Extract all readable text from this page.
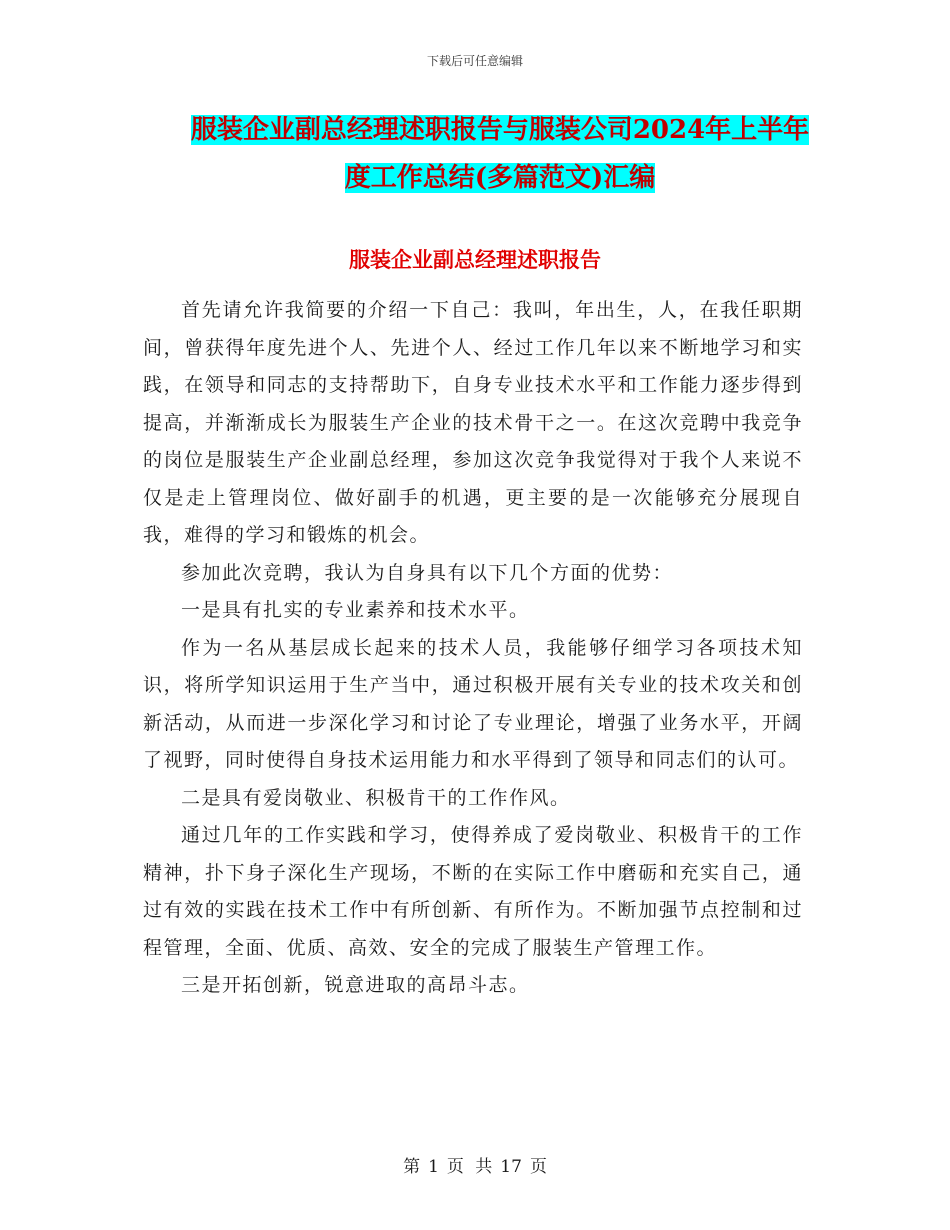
下载后可任意编辑
服装企业副总经理述职报告与服装公司2024年上半年
度工作总结(多篇范文)汇编
服装企业副总经理述职报告

首先请允许我简要的介绍一下自己：我叫，年出生，人，在我任职期间，曾获得年度先进个人、先进个人、经过工作几年以来不断地学习和实践，在领导和同志的支持帮助下，自身专业技术水平和工作能力逐步得到提高，并渐渐成长为服装生产企业的技术骨干之一。在这次竞聘中我竞争的岗位是服装生产企业副总经理，参加这次竞争我觉得对于我个人来说不仅是走上管理岗位、做好副手的机遇，更主要的是一次能够充分展现自我，难得的学习和锻炼的机会。

参加此次竞聘，我认为自身具有以下几个方面的优势：

一是具有扎实的专业素养和技术水平。

作为一名从基层成长起来的技术人员，我能够仔细学习各项技术知识，将所学知识运用于生产当中，通过积极开展有关专业的技术攻关和创新活动，从而进一步深化学习和讨论了专业理论，增强了业务水平，开阔了视野，同时使得自身技术运用能力和水平得到了领导和同志们的认可。

二是具有爱岗敬业、积极肯干的工作作风。

通过几年的工作实践和学习，使得养成了爱岗敬业、积极肯干的工作精神，扑下身子深化生产现场，不断的在实际工作中磨砺和充实自己，通过有效的实践在技术工作中有所创新、有所作为。不断加强节点控制和过程管理，全面、优质、高效、安全的完成了服装生产管理工作。

三是开拓创新，锐意进取的高昂斗志。

第 1 页 共 17 页
